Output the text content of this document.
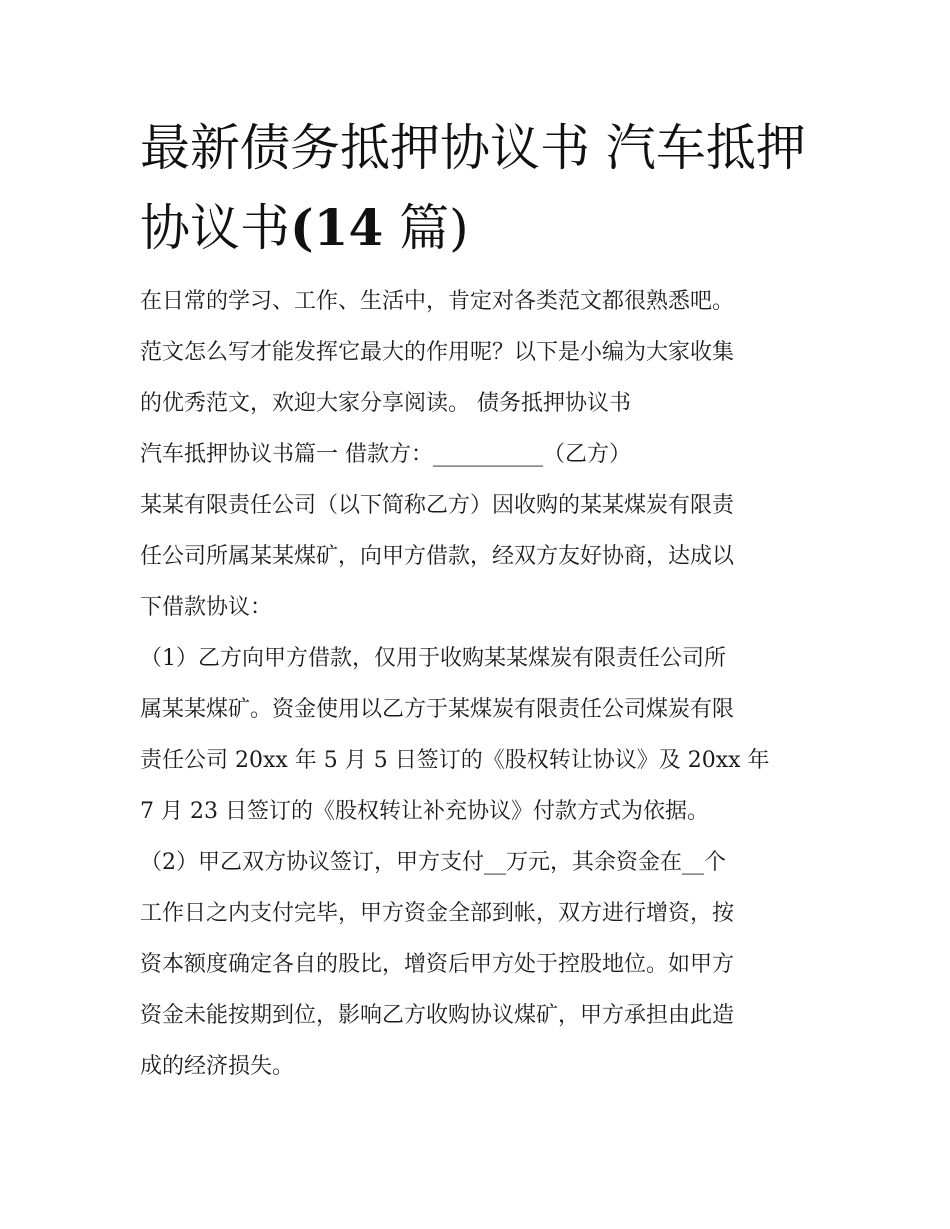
最新债务抵押协议书 汽车抵押
协议书(14 篇)
在日常的学习、工作、生活中，肯定对各类范文都很熟悉吧。
范文怎么写才能发挥它最大的作用呢？以下是小编为大家收集
的优秀范文，欢迎大家分享阅读。 债务抵押协议书
汽车抵押协议书篇一 借款方：__________（乙方）
某某有限责任公司（以下简称乙方）因收购的某某煤炭有限责
任公司所属某某煤矿，向甲方借款，经双方友好协商，达成以
下借款协议：
（1）乙方向甲方借款，仅用于收购某某煤炭有限责任公司所
属某某煤矿。资金使用以乙方于某煤炭有限责任公司煤炭有限
责任公司 20xx 年 5 月 5 日签订的《股权转让协议》及 20xx 年
7 月 23 日签订的《股权转让补充协议》付款方式为依据。
（2）甲乙双方协议签订，甲方支付__万元，其余资金在__个
工作日之内支付完毕，甲方资金全部到帐，双方进行增资，按
资本额度确定各自的股比，增资后甲方处于控股地位。如甲方
资金未能按期到位，影响乙方收购协议煤矿，甲方承担由此造
成的经济损失。
